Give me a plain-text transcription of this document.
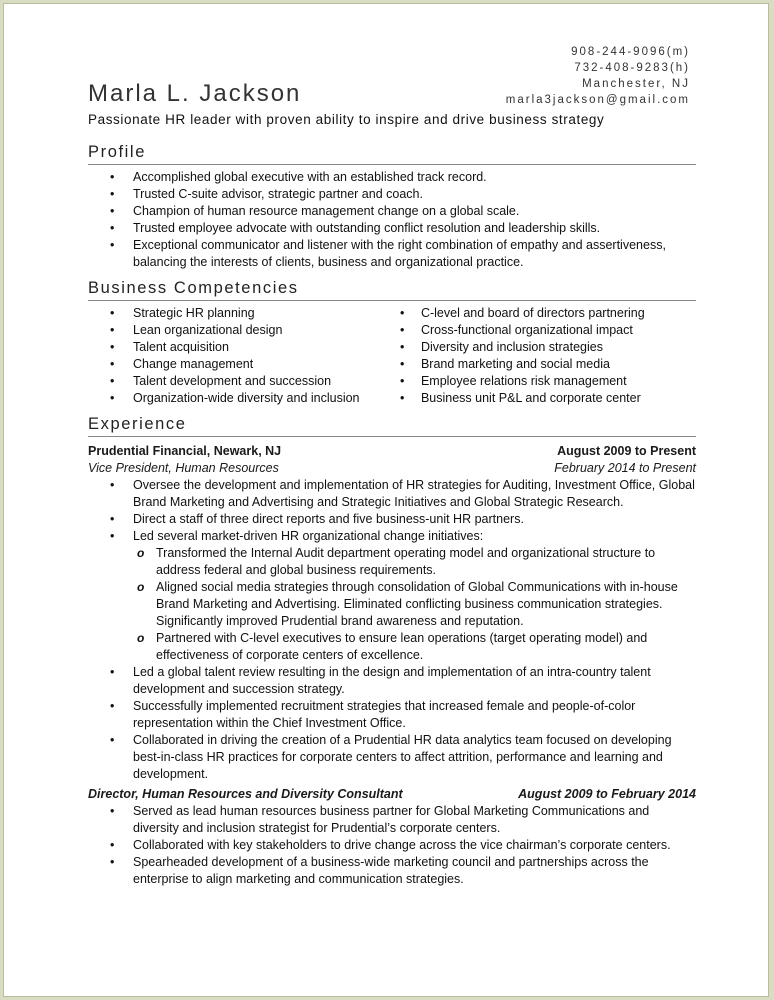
908-244-9096(m)
732-408-9283(h)
Manchester, NJ
marla3jackson@gmail.com
Marla L. Jackson
Passionate HR leader with proven ability to inspire and drive business strategy
Profile
• Accomplished global executive with an established track record.
• Trusted C-suite advisor, strategic partner and coach.
• Champion of human resource management change on a global scale.
• Trusted employee advocate with outstanding conflict resolution and leadership skills.
• Exceptional communicator and listener with the right combination of empathy and assertiveness, balancing the interests of clients, business and organizational practice.
Business Competencies
• Strategic HR planning
• Lean organizational design
• Talent acquisition
• Change management
• Talent development and succession
• Organization-wide diversity and inclusion
• C-level and board of directors partnering
• Cross-functional organizational impact
• Diversity and inclusion strategies
• Brand marketing and social media
• Employee relations risk management
• Business unit P&L and corporate center
Experience
Prudential Financial, Newark, NJ	August 2009 to Present
Vice President, Human Resources	February 2014 to Present
• Oversee the development and implementation of HR strategies for Auditing, Investment Office, Global Brand Marketing and Advertising and Strategic Initiatives and Global Strategic Research.
• Direct a staff of three direct reports and five business-unit HR partners.
• Led several market-driven HR organizational change initiatives:
o Transformed the Internal Audit department operating model and organizational structure to address federal and global business requirements.
o Aligned social media strategies through consolidation of Global Communications with in-house Brand Marketing and Advertising. Eliminated conflicting business communication strategies. Significantly improved Prudential brand awareness and reputation.
o Partnered with C-level executives to ensure lean operations (target operating model) and effectiveness of corporate centers of excellence.
• Led a global talent review resulting in the design and implementation of an intra-country talent development and succession strategy.
• Successfully implemented recruitment strategies that increased female and people-of-color representation within the Chief Investment Office.
• Collaborated in driving the creation of a Prudential HR data analytics team focused on developing best-in-class HR practices for corporate centers to affect attrition, performance and learning and development.
Director, Human Resources and Diversity Consultant	August 2009 to February 2014
• Served as lead human resources business partner for Global Marketing Communications and diversity and inclusion strategist for Prudential’s corporate centers.
• Collaborated with key stakeholders to drive change across the vice chairman’s corporate centers.
• Spearheaded development of a business-wide marketing council and partnerships across the enterprise to align marketing and communication strategies.
